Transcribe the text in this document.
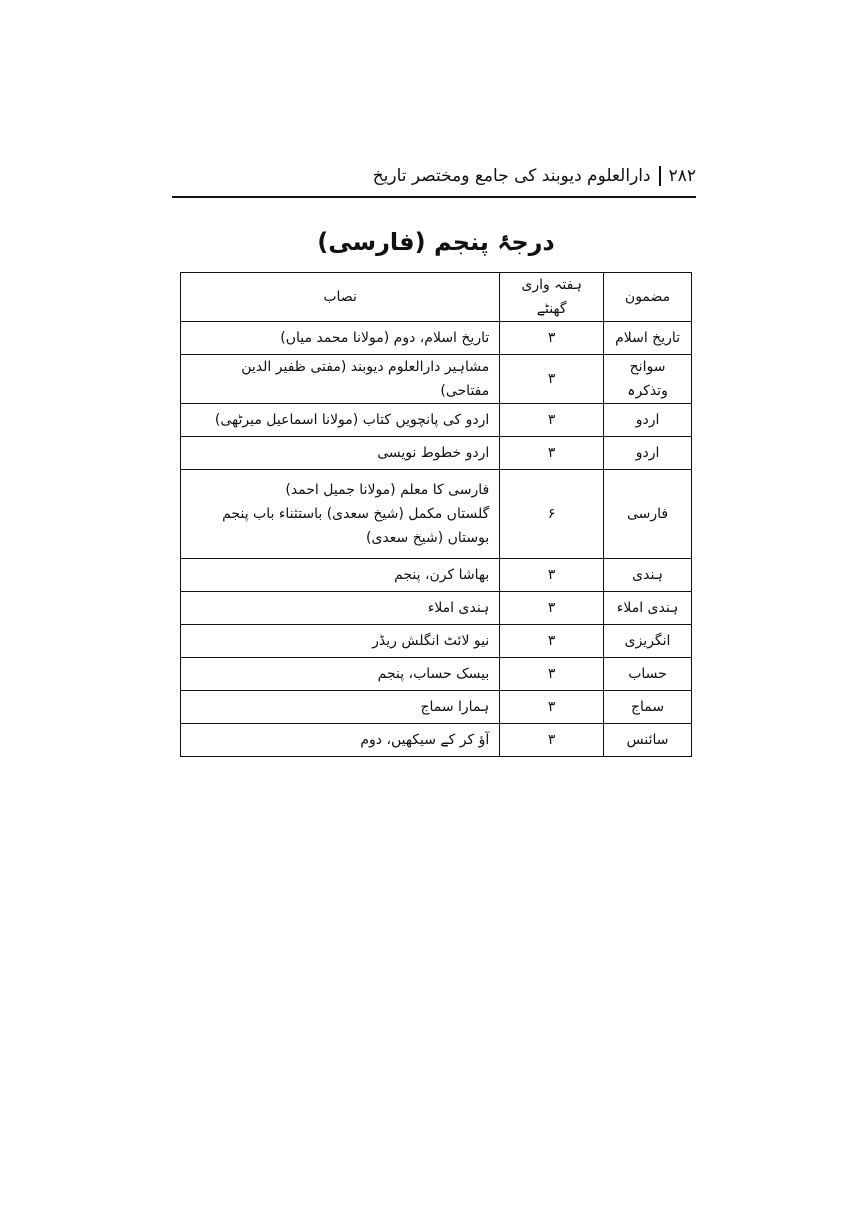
۲۸۲
دارالعلوم دیوبند کی جامع ومختصر تاریخ
درجۂ پنجم (فارسی)
مضمون	ہفتہ واری گھنٹے	نصاب
تاریخ اسلام	۳	تاریخ اسلام، دوم (مولانا محمد میاں)
سوانح وتذکرہ	۳	مشاہیر دارالعلوم دیوبند (مفتی ظفیر الدین مفتاحی)
اردو	۳	اردو کی پانچویں کتاب (مولانا اسماعیل میرٹھی)
اردو	۳	اردو خطوط نویسی
فارسی	۶	فارسی کا معلم (مولانا جمیل احمد)
گلستاں مکمل (شیخ سعدی) باستثناء باب پنجم
بوستاں (شیخ سعدی)

ہندی	۳	بھاشا کرن، پنجم
ہندی املاء	۳	ہندی املاء
انگریزی	۳	نیو لائٹ انگلش ریڈر
حساب	۳	بیسک حساب، پنجم
سماج	۳	ہمارا سماج
سائنس	۳	آؤ کر کے سیکھیں، دوم
